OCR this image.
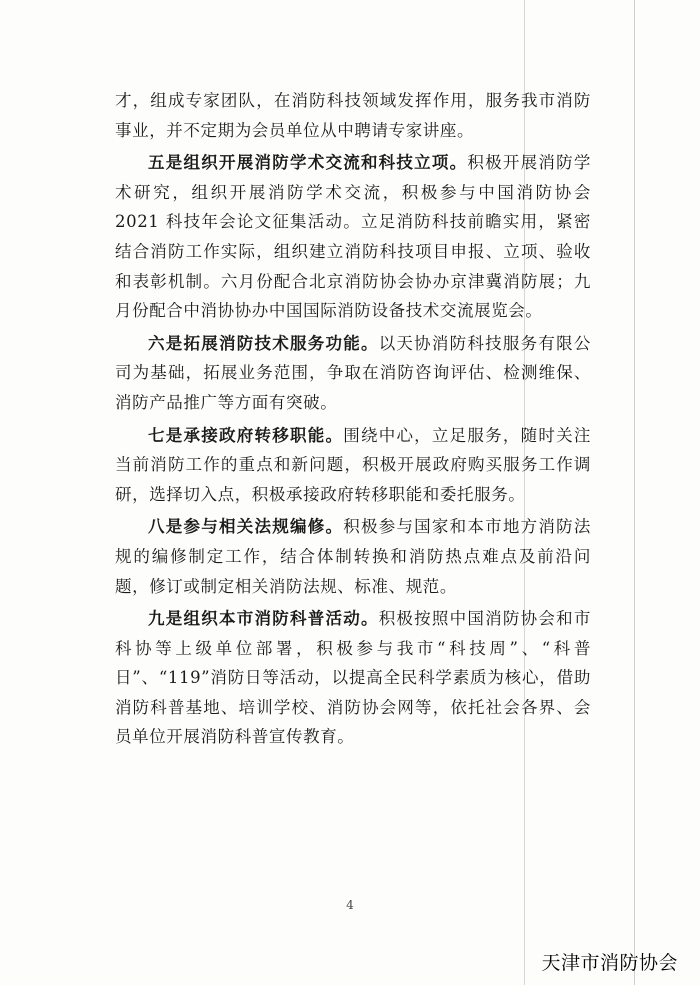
才，组成专家团队，在消防科技领域发挥作用，服务我市消防事业，并不定期为会员单位从中聘请专家讲座。

五是组织开展消防学术交流和科技立项。积极开展消防学术研究，组织开展消防学术交流，积极参与中国消防协会 2021 科技年会论文征集活动。立足消防科技前瞻实用，紧密结合消防工作实际，组织建立消防科技项目申报、立项、验收和表彰机制。六月份配合北京消防协会协办京津冀消防展；九月份配合中消协协办中国国际消防设备技术交流展览会。

六是拓展消防技术服务功能。以天协消防科技服务有限公司为基础，拓展业务范围，争取在消防咨询评估、检测维保、消防产品推广等方面有突破。

七是承接政府转移职能。围绕中心，立足服务，随时关注当前消防工作的重点和新问题，积极开展政府购买服务工作调研，选择切入点，积极承接政府转移职能和委托服务。

八是参与相关法规编修。积极参与国家和本市地方消防法规的编修制定工作，结合体制转换和消防热点难点及前沿问题，修订或制定相关消防法规、标准、规范。

九是组织本市消防科普活动。积极按照中国消防协会和市科协等上级单位部署，积极参与我市“科技周”、“科普日”、“119”消防日等活动，以提高全民科学素质为核心，借助消防科普基地、培训学校、消防协会网等，依托社会各界、会员单位开展消防科普宣传教育。

4
天津市消防协会
